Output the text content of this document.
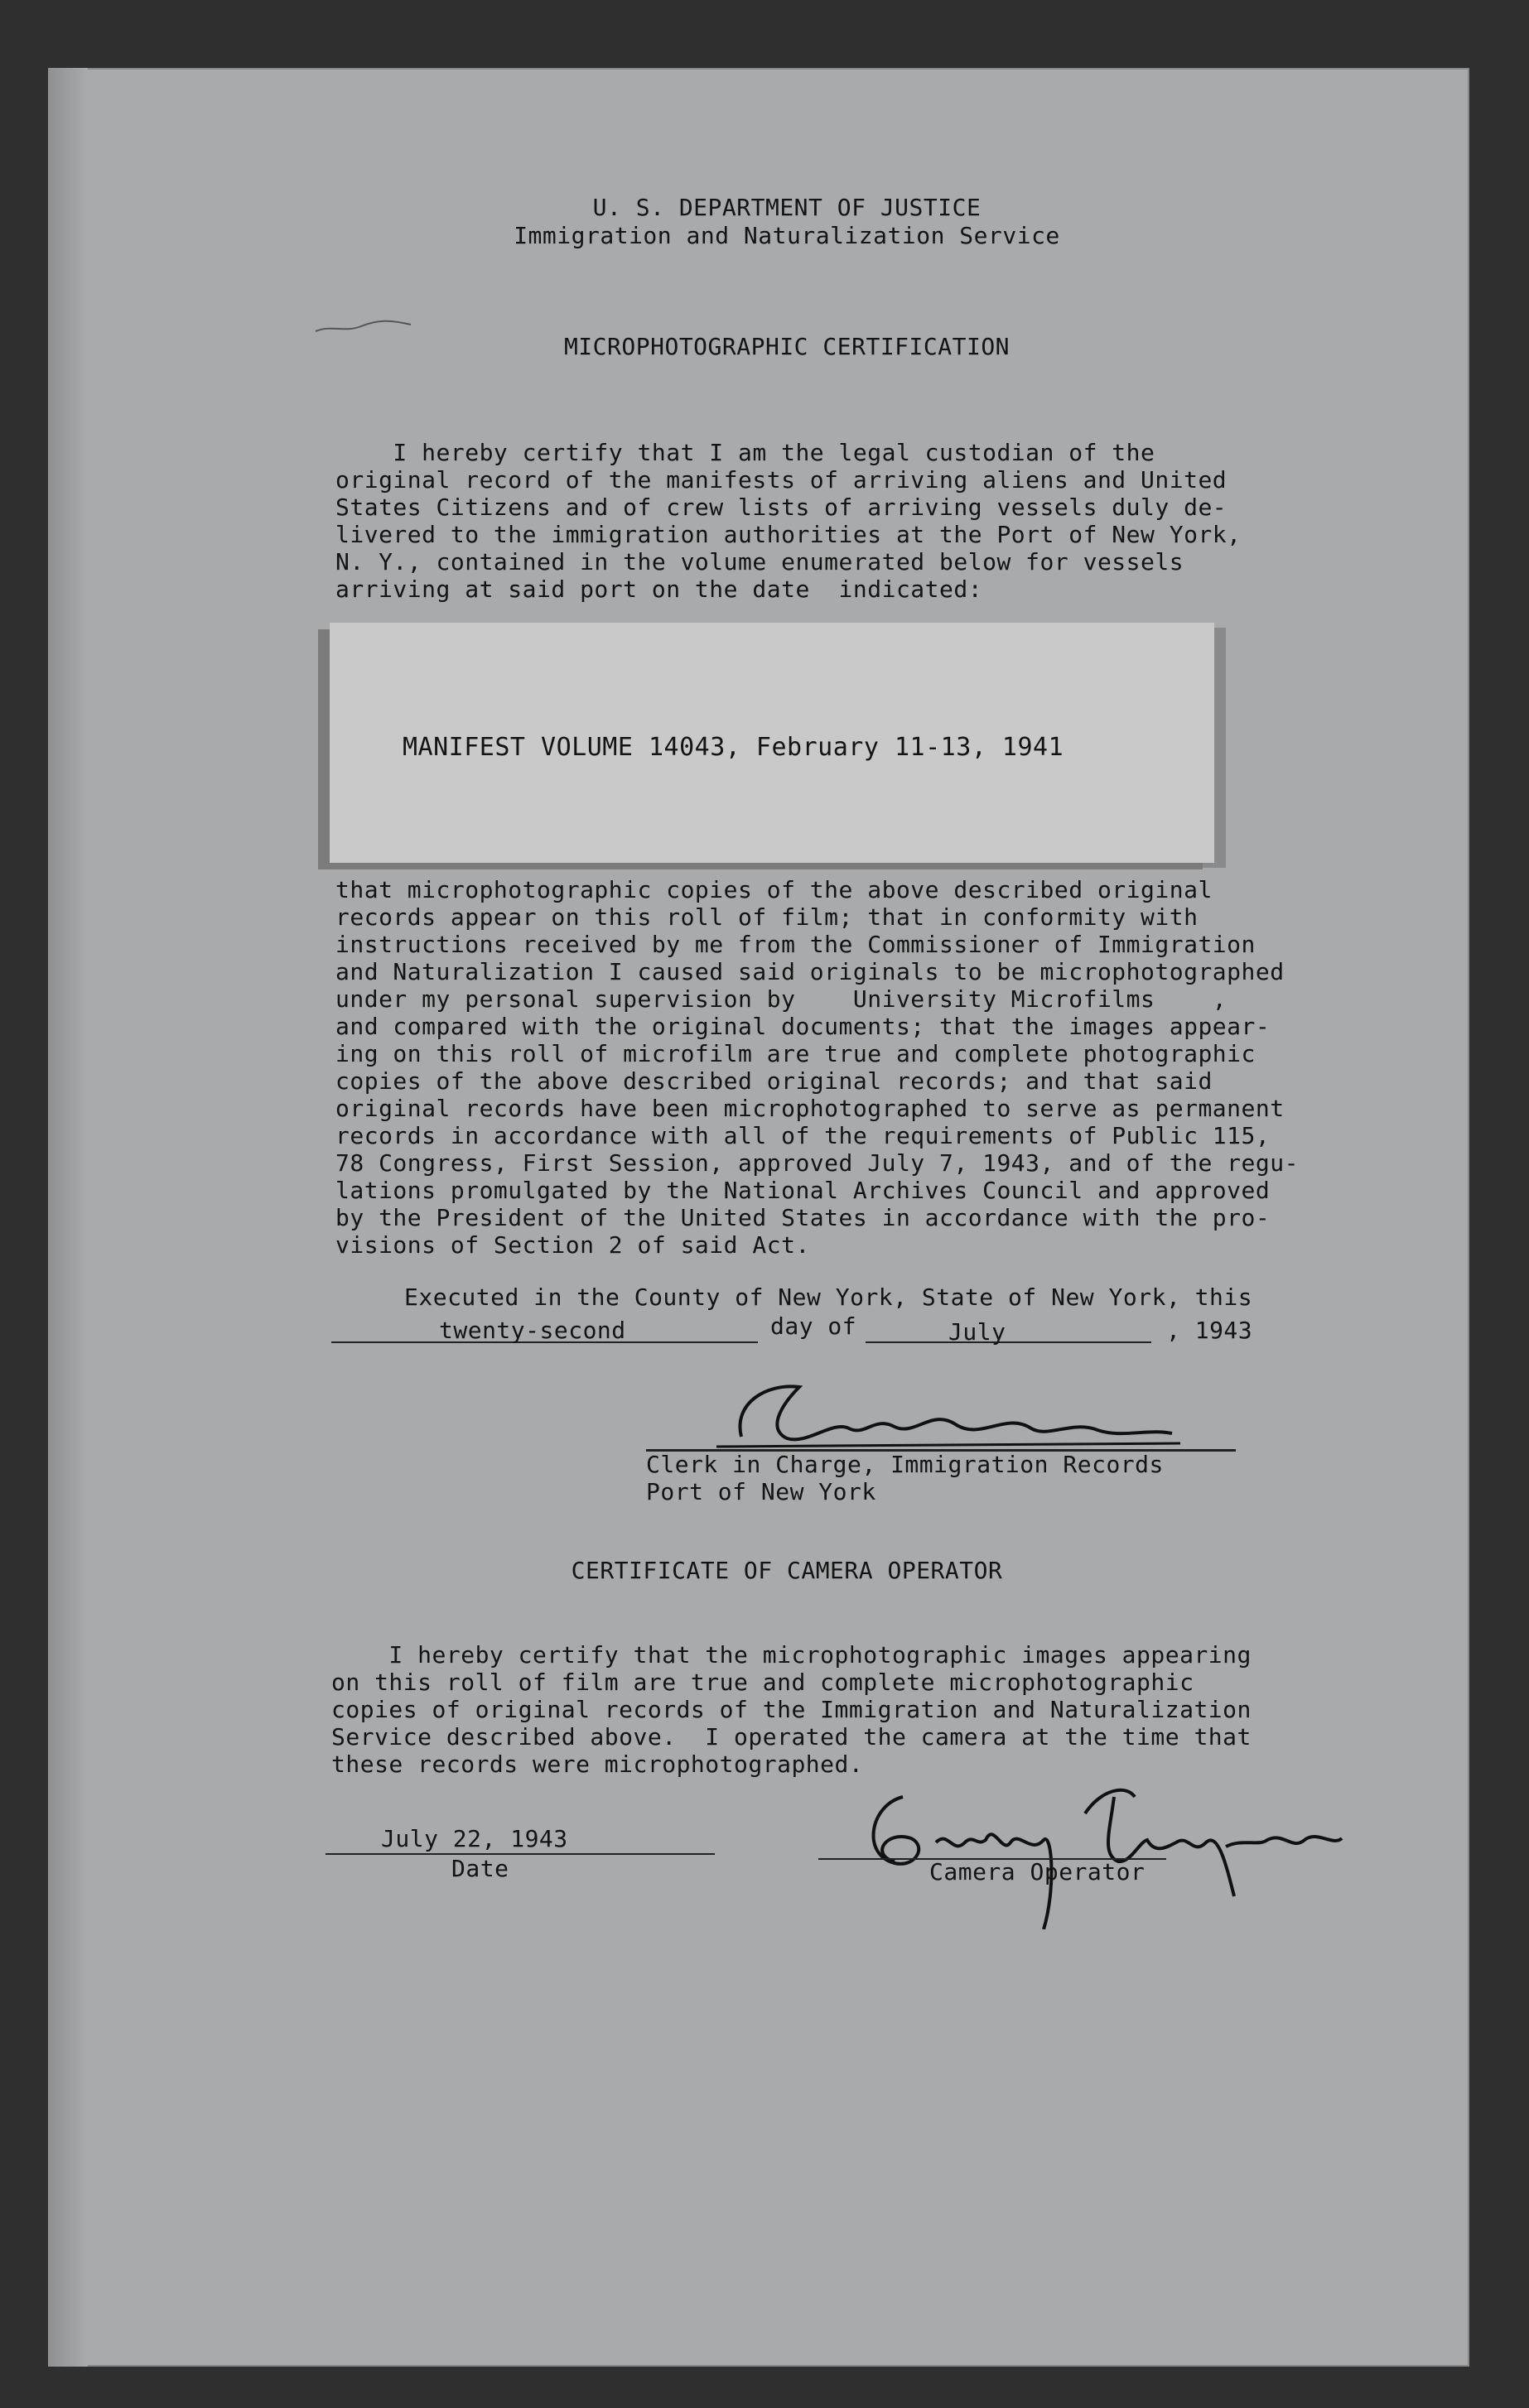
U. S. DEPARTMENT OF JUSTICE
Immigration and Naturalization Service
MICROPHOTOGRAPHIC CERTIFICATION
I hereby certify that I am the legal custodian of the
original record of the manifests of arriving aliens and United
States Citizens and of crew lists of arriving vessels duly de-
livered to the immigration authorities at the Port of New York,
N. Y., contained in the volume enumerated below for vessels
arriving at said port on the date  indicated:
MANIFEST VOLUME 14043, February 11-13, 1941
that microphotographic copies of the above described original
records appear on this roll of film; that in conformity with
instructions received by me from the Commissioner of Immigration
and Naturalization I caused said originals to be microphotographed
under my personal supervision by    University Microfilms    ,
and compared with the original documents; that the images appear-
ing on this roll of microfilm are true and complete photographic
copies of the above described original records; and that said
original records have been microphotographed to serve as permanent
records in accordance with all of the requirements of Public 115,
78 Congress, First Session, approved July 7, 1943, and of the regu-
lations promulgated by the National Archives Council and approved
by the President of the United States in accordance with the pro-
visions of Section 2 of said Act.
Executed in the County of New York, State of New York, this
twenty-second	day of	July	, 1943
Clerk in Charge, Immigration Records
Port of New York
CERTIFICATE OF CAMERA OPERATOR
I hereby certify that the microphotographic images appearing
on this roll of film are true and complete microphotographic
copies of original records of the Immigration and Naturalization
Service described above.  I operated the camera at the time that
these records were microphotographed.
July 22, 1943
Date	Camera Operator
